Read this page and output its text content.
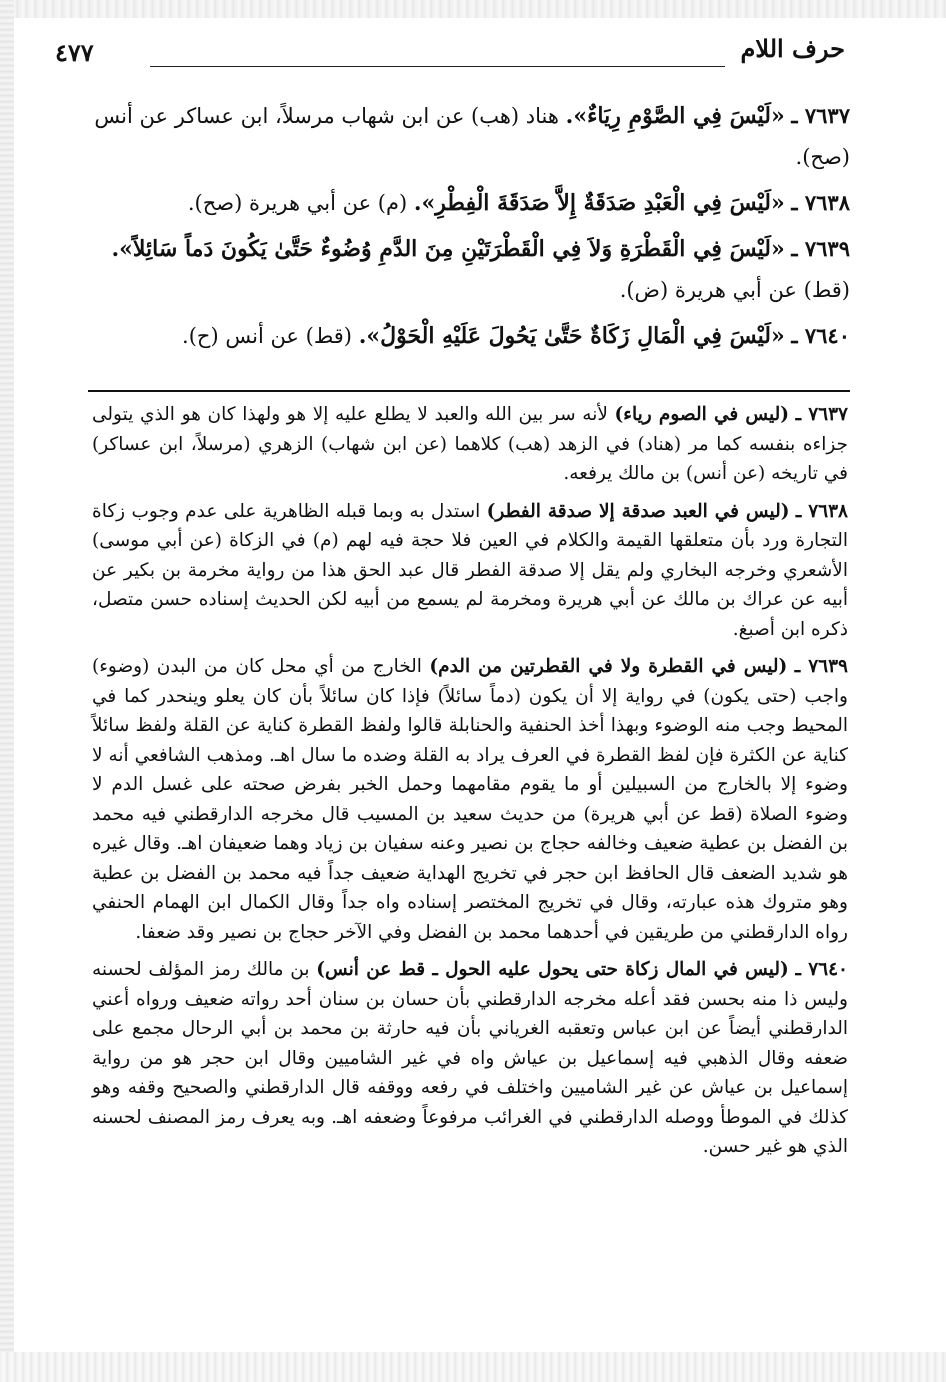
حرف اللام
٤٧٧
٧٦٣٧ ـ «لَيْسَ فِي الصَّوْمِ رِيَاءٌ». هناد (هب) عن ابن شهاب مرسلاً، ابن عساكر عن أنس (صح).
٧٦٣٨ ـ «لَيْسَ فِي الْعَبْدِ صَدَقَةٌ إِلاَّ صَدَقَةَ الْفِطْرِ». (م) عن أبي هريرة (صح).
٧٦٣٩ ـ «لَيْسَ فِي الْقَطْرَةِ وَلاَ فِي الْقَطْرَتَيْنِ مِنَ الدَّمِ وُضُوءٌ حَتَّىٰ يَكُونَ دَماً سَائِلاً». (قط) عن أبي هريرة (ض).
٧٦٤٠ ـ «لَيْسَ فِي الْمَالِ زَكَاةٌ حَتَّىٰ يَحُولَ عَلَيْهِ الْحَوْلُ». (قط) عن أنس (ح).

٧٦٣٧ ـ (ليس في الصوم رياء) لأنه سر بين الله والعبد لا يطلع عليه إلا هو ولهذا كان هو الذي يتولى جزاءه بنفسه كما مر (هناد) في الزهد (هب) كلاهما (عن ابن شهاب) الزهري (مرسلاً، ابن عساكر) في تاريخه (عن أنس) بن مالك يرفعه.

٧٦٣٨ ـ (ليس في العبد صدقة إلا صدقة الفطر) استدل به وبما قبله الظاهرية على عدم وجوب زكاة التجارة ورد بأن متعلقها القيمة والكلام في العين فلا حجة فيه لهم (م) في الزكاة (عن أبي موسى) الأشعري وخرجه البخاري ولم يقل إلا صدقة الفطر قال عبد الحق هذا من رواية مخرمة بن بكير عن أبيه عن عراك بن مالك عن أبي هريرة ومخرمة لم يسمع من أبيه لكن الحديث إسناده حسن متصل، ذكره ابن أصبغ.

٧٦٣٩ ـ (ليس في القطرة ولا في القطرتين من الدم) الخارج من أي محل كان من البدن (وضوء) واجب (حتى يكون) في رواية إلا أن يكون (دماً سائلاً) فإذا كان سائلاً بأن كان يعلو وينحدر كما في المحيط وجب منه الوضوء وبهذا أخذ الحنفية والحنابلة قالوا ولفظ القطرة كناية عن القلة ولفظ سائلاً كناية عن الكثرة فإن لفظ القطرة في العرف يراد به القلة وضده ما سال اهـ. ومذهب الشافعي أنه لا وضوء إلا بالخارج من السبيلين أو ما يقوم مقامهما وحمل الخبر بفرض صحته على غسل الدم لا وضوء الصلاة (قط عن أبي هريرة) من حديث سعيد بن المسيب قال مخرجه الدارقطني فيه محمد بن الفضل بن عطية ضعيف وخالفه حجاج بن نصير وعنه سفيان بن زياد وهما ضعيفان اهـ. وقال غيره هو شديد الضعف قال الحافظ ابن حجر في تخريج الهداية ضعيف جداً فيه محمد بن الفضل بن عطية وهو متروك هذه عبارته، وقال في تخريج المختصر إسناده واه جداً وقال الكمال ابن الهمام الحنفي رواه الدارقطني من طريقين في أحدهما محمد بن الفضل وفي الآخر حجاج بن نصير وقد ضعفا.

٧٦٤٠ ـ (ليس في المال زكاة حتى يحول عليه الحول ـ قط عن أنس) بن مالك رمز المؤلف لحسنه وليس ذا منه بحسن فقد أعله مخرجه الدارقطني بأن حسان بن سنان أحد رواته ضعيف ورواه أعني الدارقطني أيضاً عن ابن عباس وتعقبه الغرياني بأن فيه حارثة بن محمد بن أبي الرحال مجمع على ضعفه وقال الذهبي فيه إسماعيل بن عياش واه في غير الشاميين وقال ابن حجر هو من رواية إسماعيل بن عياش عن غير الشاميين واختلف في رفعه ووقفه قال الدارقطني والصحيح وقفه وهو كذلك في الموطأ ووصله الدارقطني في الغرائب مرفوعاً وضعفه اهـ. وبه يعرف رمز المصنف لحسنه الذي هو غير حسن.
